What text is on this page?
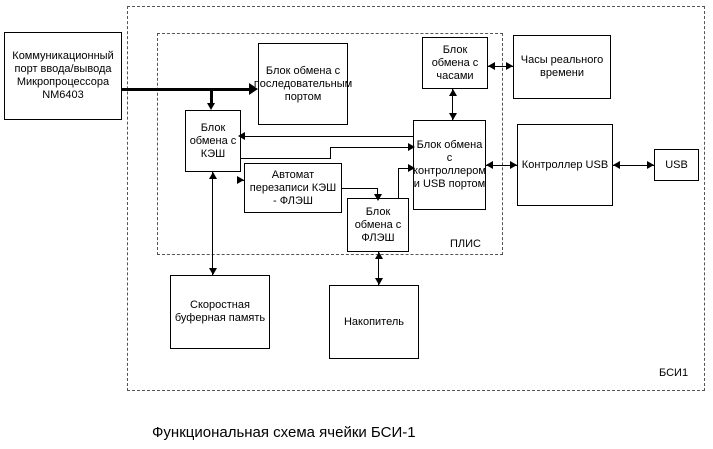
БСИ1
ПЛИС
Коммуникационный порт ввода/вывода Микропроцессора NM6403
Блок обмена с последовательным портом
Блок обмена с КЭШ
Автомат перезаписи КЭШ - ФЛЭШ
Блок обмена с ФЛЭШ
Блок обмена с часами
Блок обмена с контроллером и USB портом
Часы реального времени
Контроллер USB	USB
Скоростная буферная память	Накопитель
Функциональная схема ячейки БСИ-1
